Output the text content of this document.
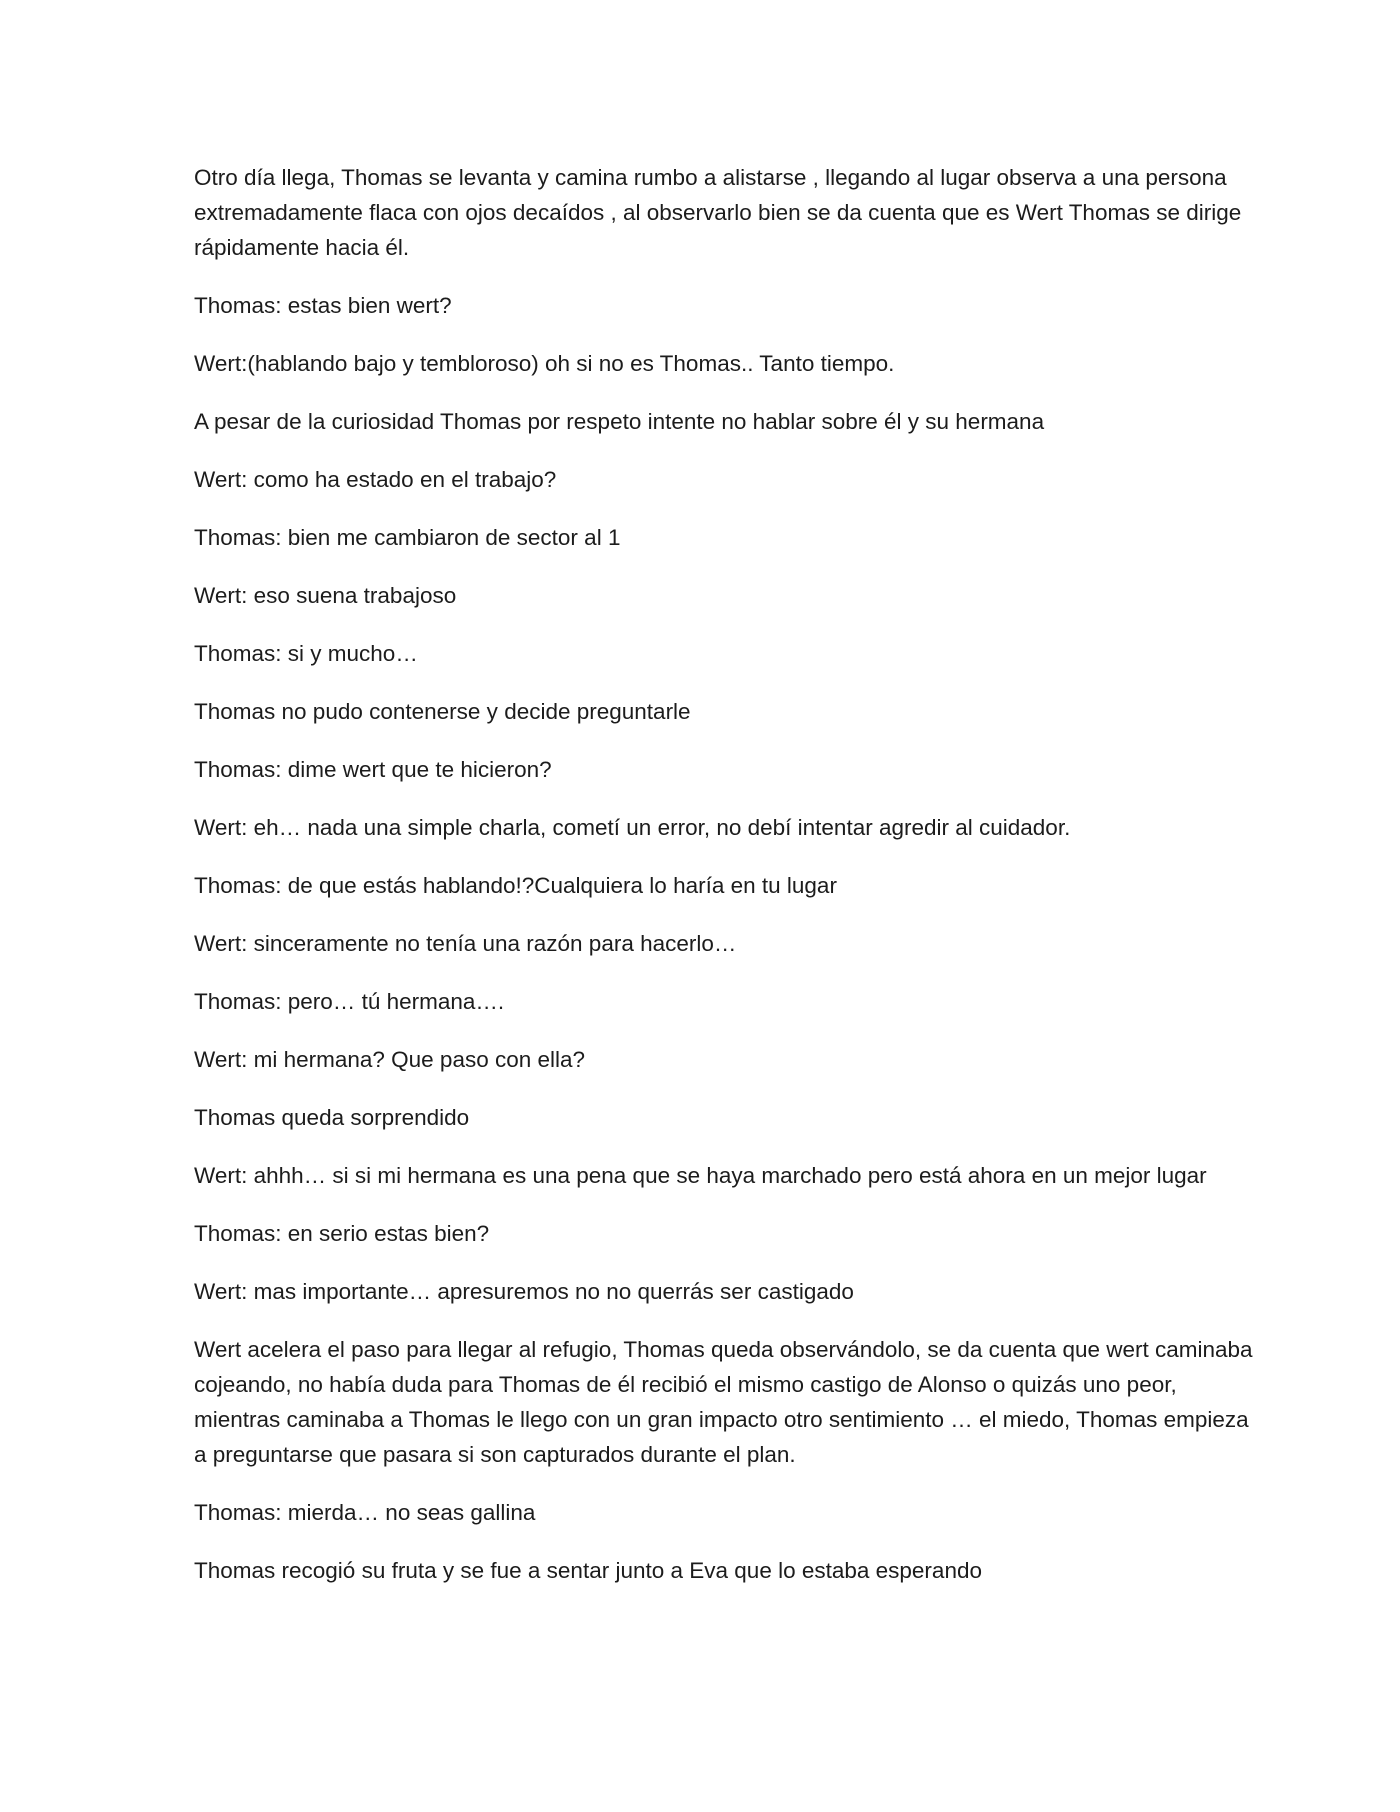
Otro día llega, Thomas se levanta y camina rumbo a alistarse , llegando al lugar observa a una persona extremadamente flaca con ojos decaídos , al observarlo bien se da cuenta que es Wert Thomas se dirige rápidamente hacia él.

Thomas: estas bien wert?

Wert:(hablando bajo y tembloroso) oh si no es Thomas.. Tanto tiempo.

A pesar de la curiosidad Thomas por respeto intente no hablar sobre él y su hermana

Wert: como ha estado en el trabajo?

Thomas: bien me cambiaron de sector al 1

Wert: eso suena trabajoso

Thomas: si y mucho…

Thomas no pudo contenerse y decide preguntarle

Thomas: dime wert que te hicieron?

Wert: eh… nada una simple charla, cometí un error, no debí intentar agredir al cuidador.

Thomas: de que estás hablando!?Cualquiera lo haría en tu lugar

Wert: sinceramente no tenía una razón para hacerlo…

Thomas: pero… tú hermana….

Wert: mi hermana? Que paso con ella?

Thomas queda sorprendido

Wert: ahhh… si si mi hermana es una pena que se haya marchado pero está ahora en un mejor lugar

Thomas: en serio estas bien?

Wert: mas importante… apresuremos no no querrás ser castigado

Wert acelera el paso para llegar al refugio, Thomas queda observándolo, se da cuenta que wert caminaba cojeando, no había duda para Thomas de él recibió el mismo castigo de Alonso o quizás uno peor, mientras caminaba a Thomas le llego con un gran impacto otro sentimiento … el miedo, Thomas empieza a preguntarse que pasara si son capturados durante el plan.

Thomas: mierda… no seas gallina

Thomas recogió su fruta y se fue a sentar junto a Eva que lo estaba esperando
